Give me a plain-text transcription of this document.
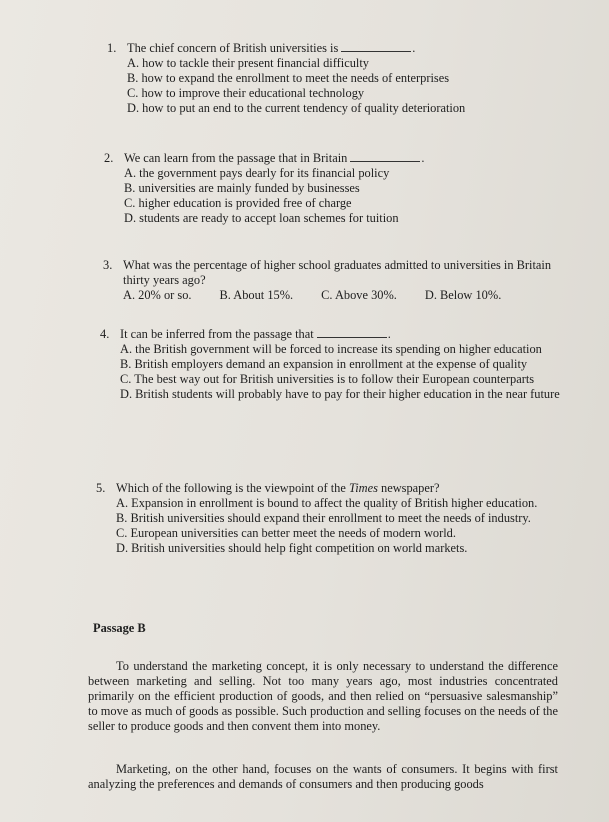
1. The chief concern of British universities is	.
A. how to tackle their present financial difficulty
B. how to expand the enrollment to meet the needs of enterprises
C. how to improve their educational technology
D. how to put an end to the current tendency of quality deterioration
2. We can learn from the passage that in Britain	.
A. the government pays dearly for its financial policy
B. universities are mainly funded by businesses
C. higher education is provided free of charge
D. students are ready to accept loan schemes for tuition
3. What was the percentage of higher school graduates admitted to universities in Britain thirty years ago?
A. 20% or so. B. About 15%. C. Above 30%. D. Below 10%.
4. It can be inferred from the passage that	.
A. the British government will be forced to increase its spending on higher education
B. British employers demand an expansion in enrollment at the expense of quality
C. The best way out for British universities is to follow their European counterparts
D. British students will probably have to pay for their higher education in the near future
5. Which of the following is the viewpoint of the Times newspaper?
A. Expansion in enrollment is bound to affect the quality of British higher education.
B. British universities should expand their enrollment to meet the needs of industry.
C. European universities can better meet the needs of modern world.
D. British universities should help fight competition on world markets.
Passage B

To understand the marketing concept, it is only necessary to understand the difference between marketing and selling. Not too many years ago, most industries concentrated primarily on the efficient production of goods, and then relied on “persuasive salesmanship” to move as much of goods as possible. Such production and selling focuses on the needs of the seller to produce goods and then convent them into money.

Marketing, on the other hand, focuses on the wants of consumers. It begins with first analyzing the preferences and demands of consumers and then producing goods
